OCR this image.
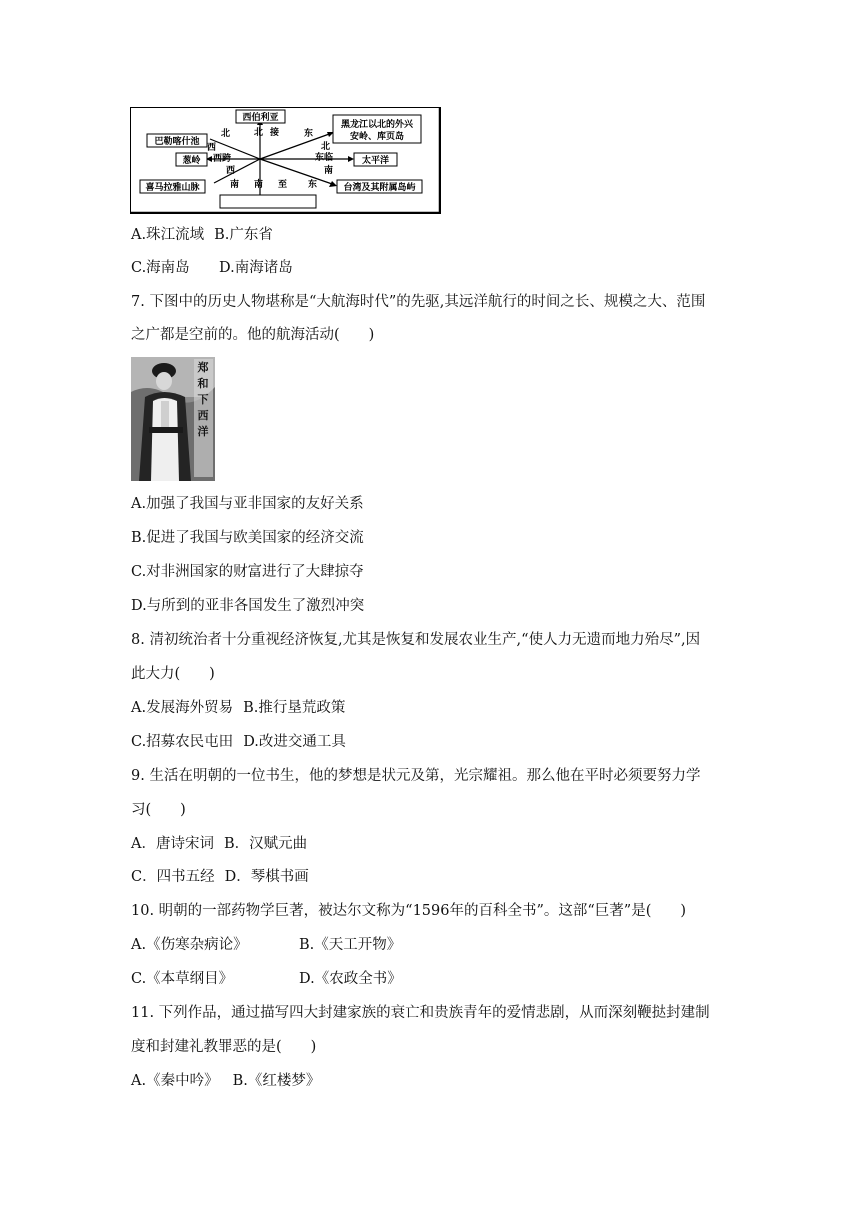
西伯利亚
巴勒喀什池
葱岭
喜马拉雅山脉
黑龙江以北的外兴
安岭、库页岛
太平洋
台湾及其附属岛屿
北	北 接	东
西
西跨
西
北
东临
南
南 南 至 东
A.珠江流域 B.广东省
C.海南岛 D.南海诸岛
7. 下图中的历史人物堪称是“大航海时代”的先驱,其远洋航行的时间之长、规模之大、范围
之广都是空前的。他的航海活动(　　)
郑
和
下
西
洋
A.加强了我国与亚非国家的友好关系
B.促进了我国与欧美国家的经济交流
C.对非洲国家的财富进行了大肆掠夺
D.与所到的亚非各国发生了激烈冲突
8. 清初统治者十分重视经济恢复,尤其是恢复和发展农业生产,“使人力无遗而地力殆尽”,因
此大力(　　)
A.发展海外贸易 B.推行垦荒政策
C.招募农民屯田 D.改进交通工具
9. 生活在明朝的一位书生，他的梦想是状元及第，光宗耀祖。那么他在平时必须要努力学
习(　　)
A．唐诗宋词 B．汉赋元曲
C．四书五经 D．琴棋书画
10. 明朝的一部药物学巨著，被达尔文称为“1596年的百科全书”。这部“巨著”是(　　)
A.《伤寒杂病论》	B.《天工开物》
C.《本草纲目》	D.《农政全书》
11. 下列作品，通过描写四大封建家族的衰亡和贵族青年的爱情悲剧，从而深刻鞭挞封建制
度和封建礼教罪恶的是(　　)
A.《秦中吟》 B.《红楼梦》
